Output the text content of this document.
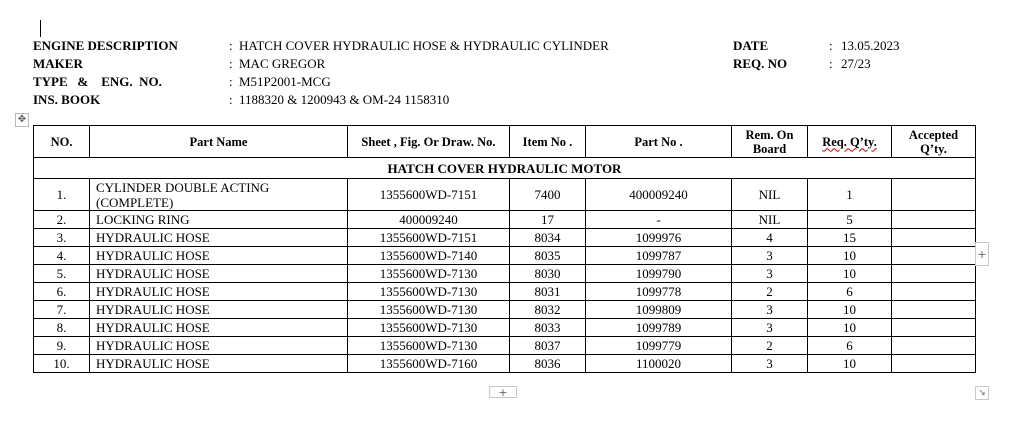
ENGINE DESCRIPTION	: HATCH COVER HYDRAULIC HOSE & HYDRAULIC CYLINDER
MAKER	: MAC GREGOR
TYPE   &    ENG.  NO.	: M51P2001-MCG
INS. BOOK	: 1188320 & 1200943 & OM-24 1158310
DATE	: 13.05.2023
REQ. NO	: 27/23
✥
NO.	Part Name	Sheet , Fig. Or Draw. No.	Item No .	Part No .	Rem. On Board	Req. Q’ty.	Accepted Q’ty.
HATCH COVER HYDRAULIC MOTOR							
1.	CYLINDER DOUBLE ACTING (COMPLETE)	1355600WD-7151	7400	400009240	NIL	1	
2.	LOCKING RING	400009240	17	-	NIL	5	
3.	HYDRAULIC HOSE	1355600WD-7151	8034	1099976	4	15	
4.	HYDRAULIC HOSE	1355600WD-7140	8035	1099787	3	10	
5.	HYDRAULIC HOSE	1355600WD-7130	8030	1099790	3	10	
6.	HYDRAULIC HOSE	1355600WD-7130	8031	1099778	2	6	
7.	HYDRAULIC HOSE	1355600WD-7130	8032	1099809	3	10	
8.	HYDRAULIC HOSE	1355600WD-7130	8033	1099789	3	10	
9.	HYDRAULIC HOSE	1355600WD-7130	8037	1099779	2	6	
10.	HYDRAULIC HOSE	1355600WD-7160	8036	1100020	3	10	
+
+	↘
